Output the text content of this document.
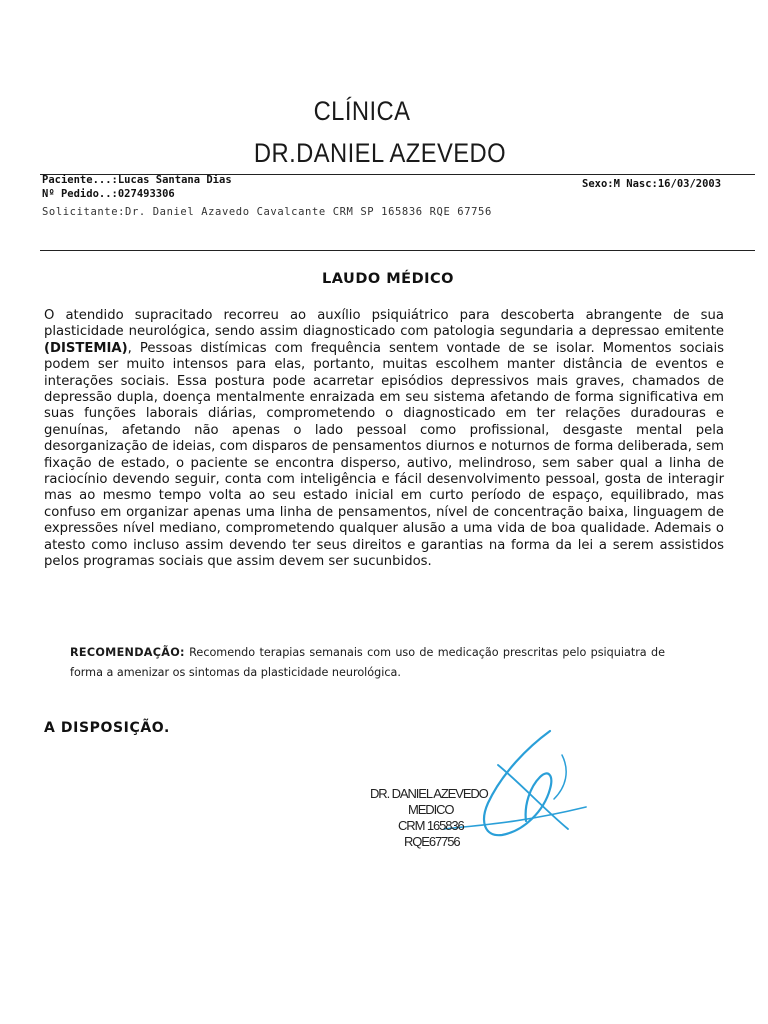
CLÍNICA
DR.DANIEL AZEVEDO
Paciente...:Lucas Santana Dias	Sexo:M Nasc:16/03/2003
Nº Pedido..:027493306
Solicitante:Dr. Daniel Azavedo Cavalcante CRM SP 165836 RQE 67756
LAUDO MÉDICO
O atendido supracitado recorreu ao auxílio psiquiátrico para descoberta abrangente de sua plasticidade neurológica, sendo assim diagnosticado com patologia segundaria a depressao emitente (DISTEMIA), Pessoas distímicas com frequência sentem vontade de se isolar. Momentos sociais podem ser muito intensos para elas, portanto, muitas escolhem manter distância de eventos e interações sociais. Essa postura pode acarretar episódios depressivos mais graves, chamados de depressão dupla, doença mentalmente enraizada em seu sistema afetando de forma significativa em suas funções laborais diárias, comprometendo o diagnosticado em ter relações duradouras e genuínas, afetando não apenas o lado pessoal como profissional, desgaste mental pela desorganização de ideias, com disparos de pensamentos diurnos e noturnos de forma deliberada, sem fixação de estado, o paciente se encontra disperso, autivo, melindroso, sem saber qual a linha de raciocínio devendo seguir, conta com inteligência e fácil desenvolvimento pessoal, gosta de interagir mas ao mesmo tempo volta ao seu estado inicial em curto período de espaço, equilibrado, mas confuso em organizar apenas uma linha de pensamentos, nível de concentração baixa, linguagem de expressões nível mediano, comprometendo qualquer alusão a uma vida de boa qualidade. Ademais o atesto como incluso assim devendo ter seus direitos e garantias na forma da lei a serem assistidos pelos programas sociais que assim devem ser sucunbidos.
RECOMENDAÇÃO: Recomendo terapias semanais com uso de medicação prescritas pelo psiquiatra de forma a amenizar os sintomas da plasticidade neurológica.
A DISPOSIÇÃO.
DR. DANIEL AZEVEDO
MEDICO
CRM 165836
RQE67756
